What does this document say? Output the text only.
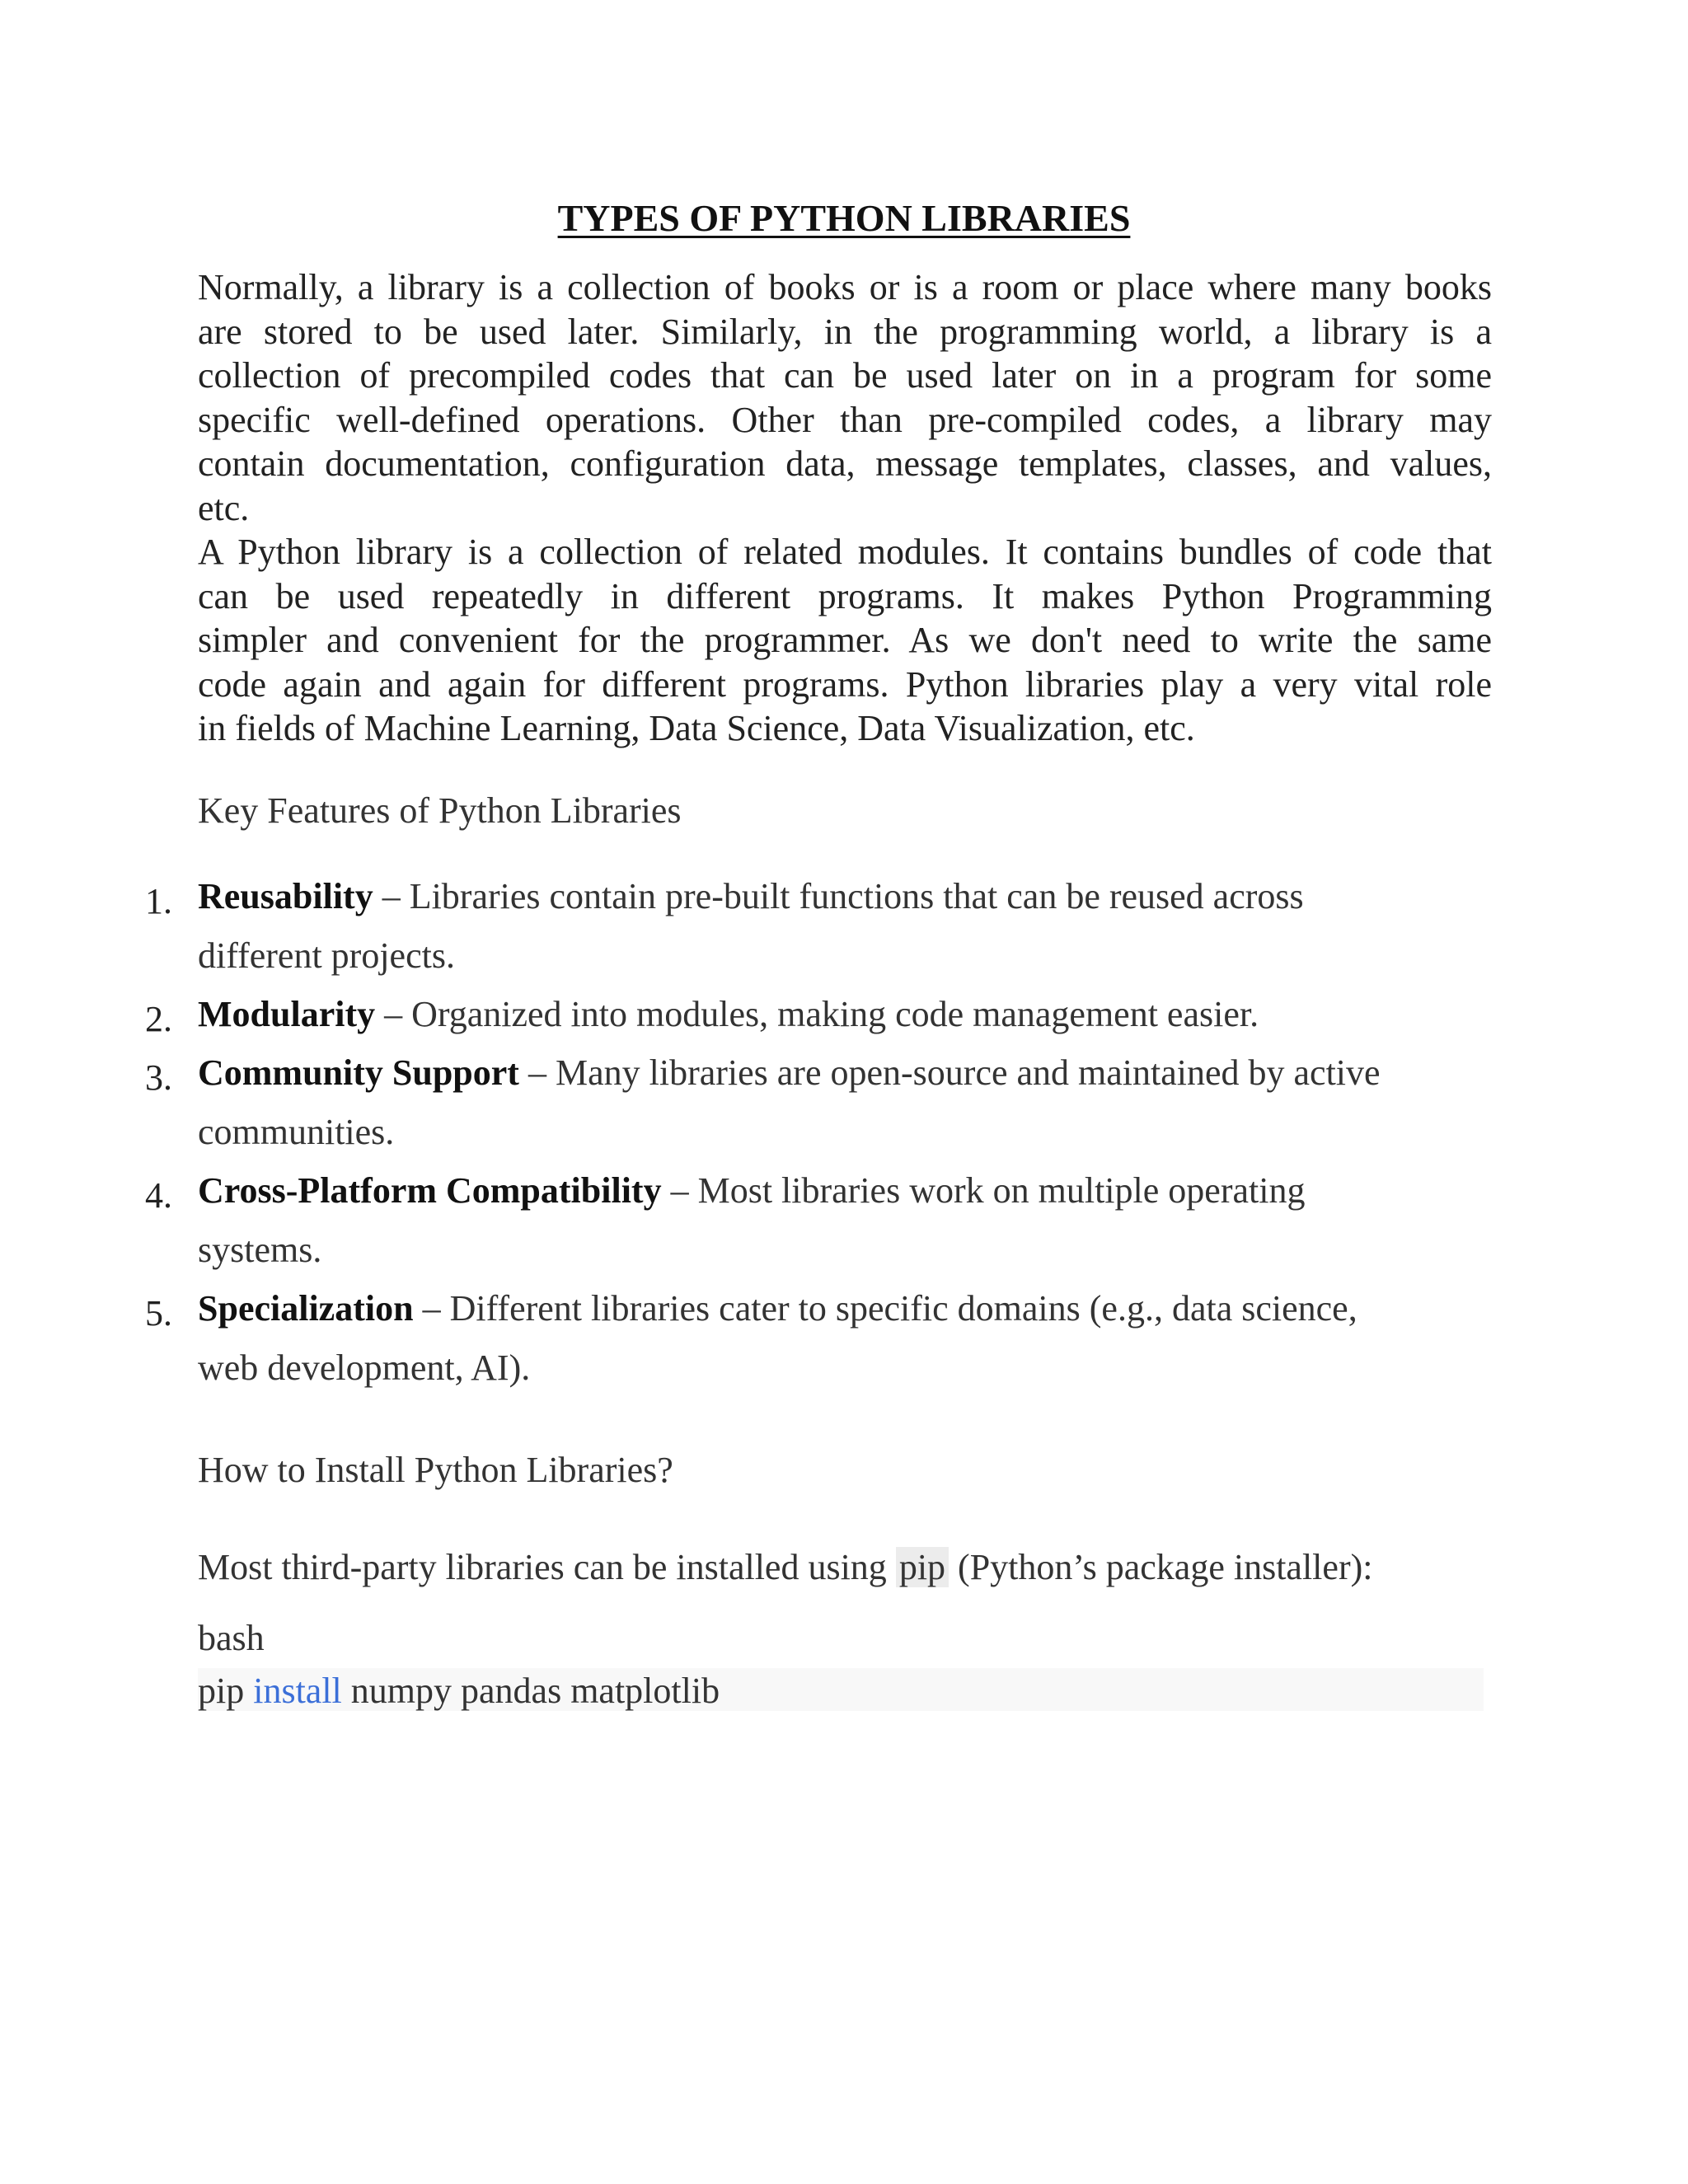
TYPES OF PYTHON LIBRARIES
Normally, a library is a collection of books or is a room or place where many books
are stored to be used later. Similarly, in the programming world, a library is a
collection of precompiled codes that can be used later on in a program for some
specific well-defined operations. Other than pre-compiled codes, a library may
contain documentation, configuration data, message templates, classes, and values,
etc.
A Python library is a collection of related modules. It contains bundles of code that
can be used repeatedly in different programs. It makes Python Programming
simpler and convenient for the programmer. As we don't need to write the same
code again and again for different programs. Python libraries play a very vital role
in fields of Machine Learning, Data Science, Data Visualization, etc.
Key Features of Python Libraries
1. Reusability – Libraries contain pre-built functions that can be reused across
different projects.
2. Modularity – Organized into modules, making code management easier.
3. Community Support – Many libraries are open-source and maintained by active
communities.
4. Cross-Platform Compatibility – Most libraries work on multiple operating
systems.
5. Specialization – Different libraries cater to specific domains (e.g., data science,
web development, AI).
How to Install Python Libraries?
Most third-party libraries can be installed using pip (Python’s package installer):
bash
pip install numpy pandas matplotlib
